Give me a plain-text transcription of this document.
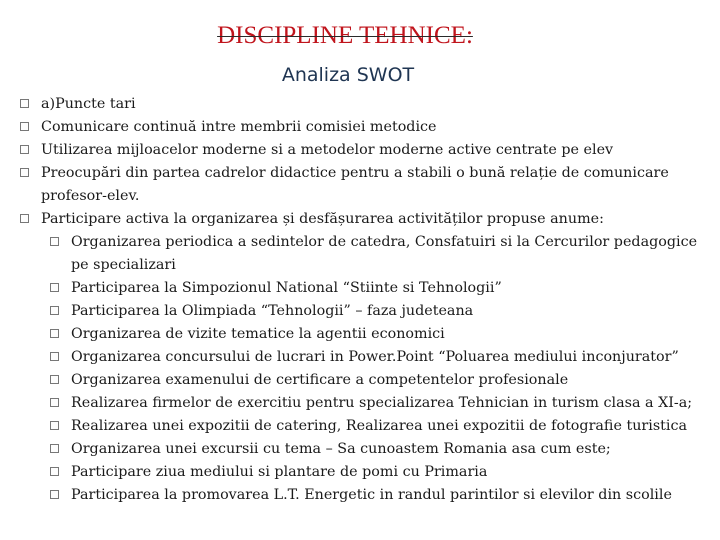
DISCIPLINE TEHNICE:
Analiza SWOT
a)Puncte tari
Comunicare continuă intre membrii comisiei metodice
Utilizarea mijloacelor moderne si a metodelor moderne active centrate pe elev
Preocupări din partea cadrelor didactice pentru a stabili o bună relație de comunicare profesor-elev.
Participare activa la organizarea și desfășurarea activităților propuse anume:
Organizarea periodica a sedintelor de catedra, Consfatuiri si la Cercurilor pedagogice pe specializari
Participarea la Simpozionul National “Stiinte si Tehnologii”
Participarea la Olimpiada “Tehnologii” – faza judeteana
Organizarea de vizite tematice la agentii economici
Organizarea concursului de lucrari in Power.Point “Poluarea mediului inconjurator”
Organizarea examenului de certificare a competentelor profesionale
Realizarea firmelor de exercitiu pentru specializarea Tehnician in turism clasa a XI-a;
Realizarea unei expozitii de catering, Realizarea unei expozitii de fotografie turistica
Organizarea unei excursii cu tema – Sa cunoastem Romania asa cum este;
Participare ziua mediului si plantare de pomi cu Primaria
Participarea la promovarea L.T. Energetic in randul parintilor si elevilor din scolile
